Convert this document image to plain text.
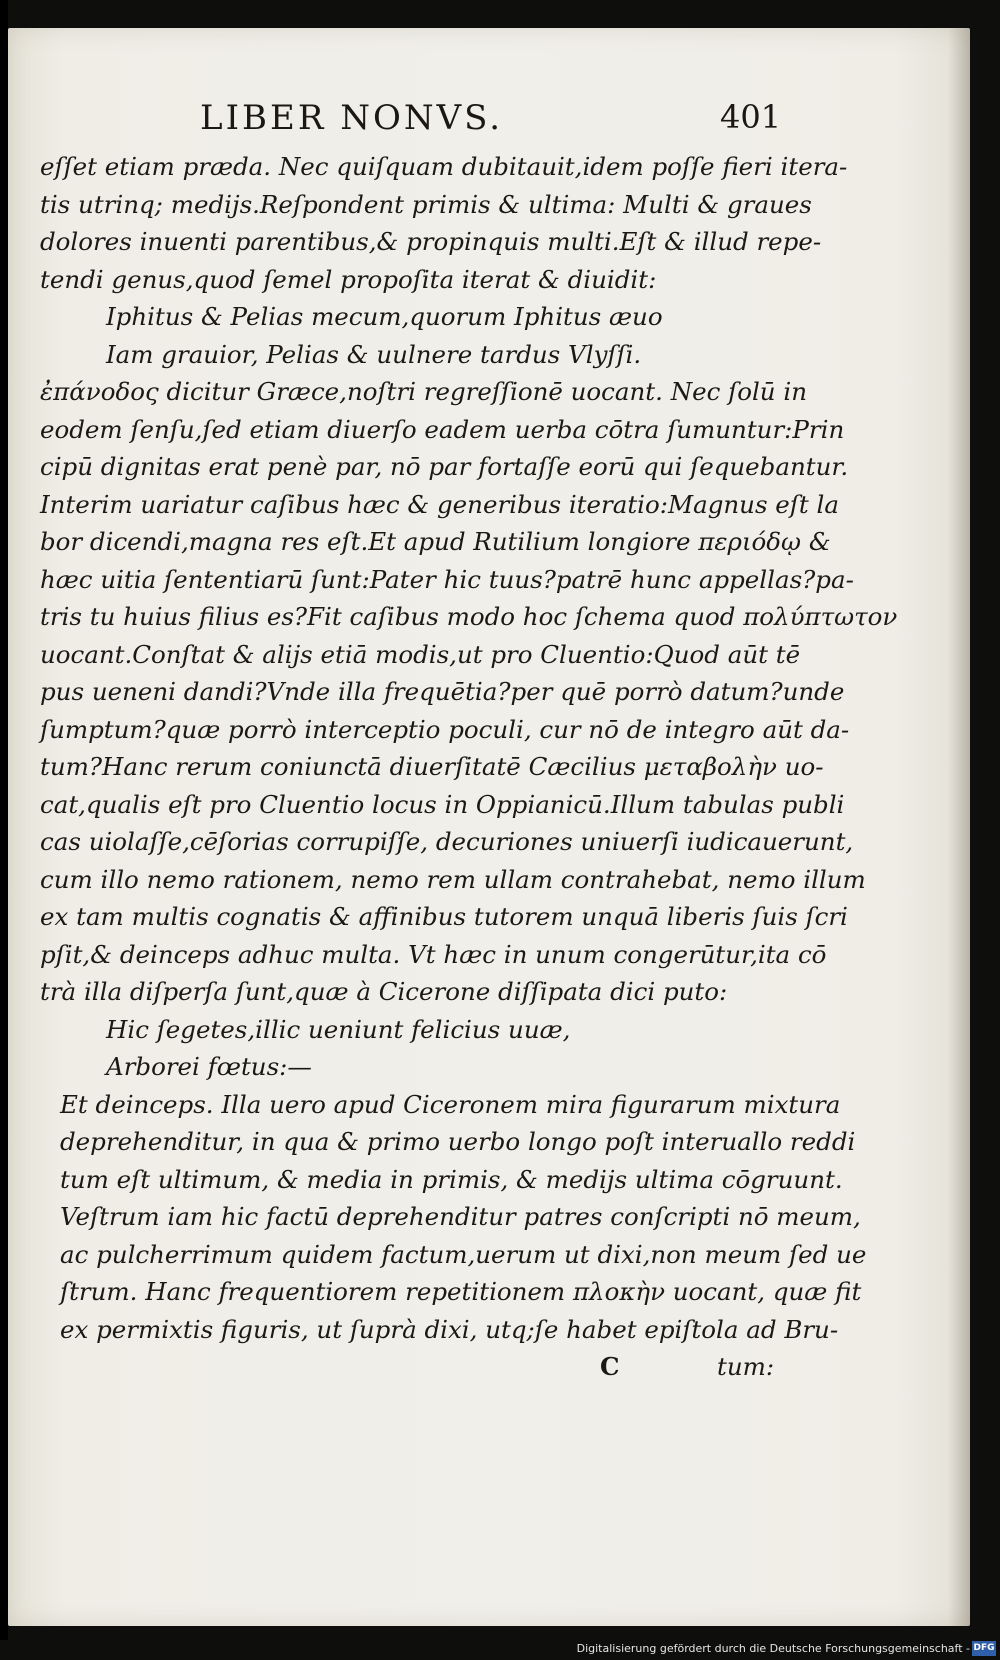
LIBER NONVS.	401
eſſet etiam præda. Nec quiſquam dubitauit,idem poſſe fieri itera-
tis utrinq; medijs.Reſpondent primis & ultima: Multi & graues
dolores inuenti parentibus,& propinquis multi.Eſt & illud repe-
tendi genus,quod ſemel propoſita iterat & diuidit:
Iphitus & Pelias mecum,quorum Iphitus æuo
Iam grauior, Pelias & uulnere tardus Vlyſſi.
ἐπάνοδος dicitur Græce,noſtri regreſſionē uocant. Nec ſolū in
eodem ſenſu,ſed etiam diuerſo eadem uerba cōtra ſumuntur:Prin
cipū dignitas erat penè par, nō par fortaſſe eorū qui ſequebantur.
Interim uariatur caſibus hæc & generibus iteratio:Magnus eſt la
bor dicendi,magna res eſt.Et apud Rutilium longiore περιόδῳ &
hæc uitia ſententiarū ſunt:Pater hic tuus?patrē hunc appellas?pa-
tris tu huius filius es?Fit caſibus modo hoc ſchema quod πολύπτωτον
uocant.Conſtat & alijs etiā modis,ut pro Cluentio:Quod aūt tē
pus ueneni dandi?Vnde illa frequētia?per quē porrò datum?unde
ſumptum?quæ porrò interceptio poculi, cur nō de integro aūt da-
tum?Hanc rerum coniunctā diuerſitatē Cæcilius μεταβολὴν uo-
cat,qualis eſt pro Cluentio locus in Oppianicū.Illum tabulas publi
cas uiolaſſe,cēſorias corrupiſſe, decuriones uniuerſi iudicauerunt,
cum illo nemo rationem, nemo rem ullam contrahebat, nemo illum
ex tam multis cognatis & affinibus tutorem unquā liberis ſuis ſcri
pſit,& deinceps adhuc multa. Vt hæc in unum congerūtur,ita cō
trà illa diſperſa ſunt,quæ à Cicerone diſſipata dici puto:
Hic ſegetes,illic ueniunt felicius uuæ,
Arborei fœtus:—
Et deinceps. Illa uero apud Ciceronem mira figurarum mixtura
deprehenditur, in qua & primo uerbo longo poſt interuallo reddi
tum eſt ultimum, & media in primis, & medijs ultima cōgruunt.
Veſtrum iam hic factū deprehenditur patres conſcripti nō meum,
ac pulcherrimum quidem factum,uerum ut dixi,non meum ſed ue
ſtrum. Hanc frequentiorem repetitionem πλοκὴν uocant, quæ fit
ex permixtis figuris, ut ſuprà dixi, utq;ſe habet epiſtola ad Bru-
C	tum:
Digitalisierung gefördert durch die Deutsche Forschungsgemeinschaft - DFG
